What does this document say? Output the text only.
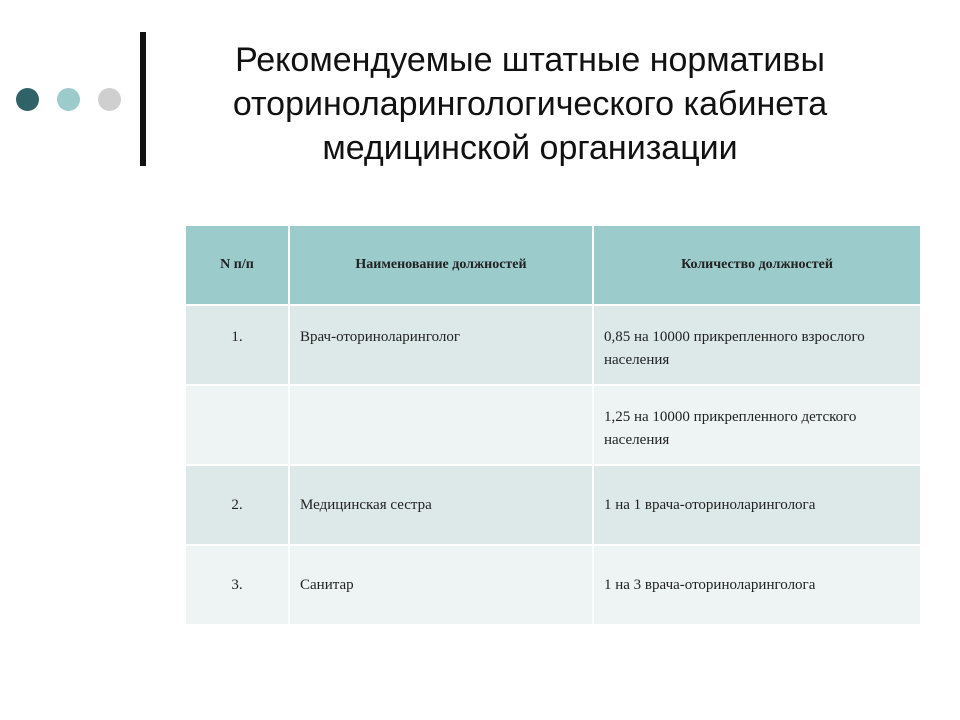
Рекомендуемые штатные нормативы
оториноларингологического кабинета
медицинской организации
N п/п	Наименование должностей	Количество должностей
1.	Врач-оториноларинголог	0,85 на 10000 прикрепленного взрослого населения
		1,25 на 10000 прикрепленного детского населения
2.	Медицинская сестра	1 на 1 врача-оториноларинголога
3.	Санитар	1 на 3 врача-оториноларинголога
